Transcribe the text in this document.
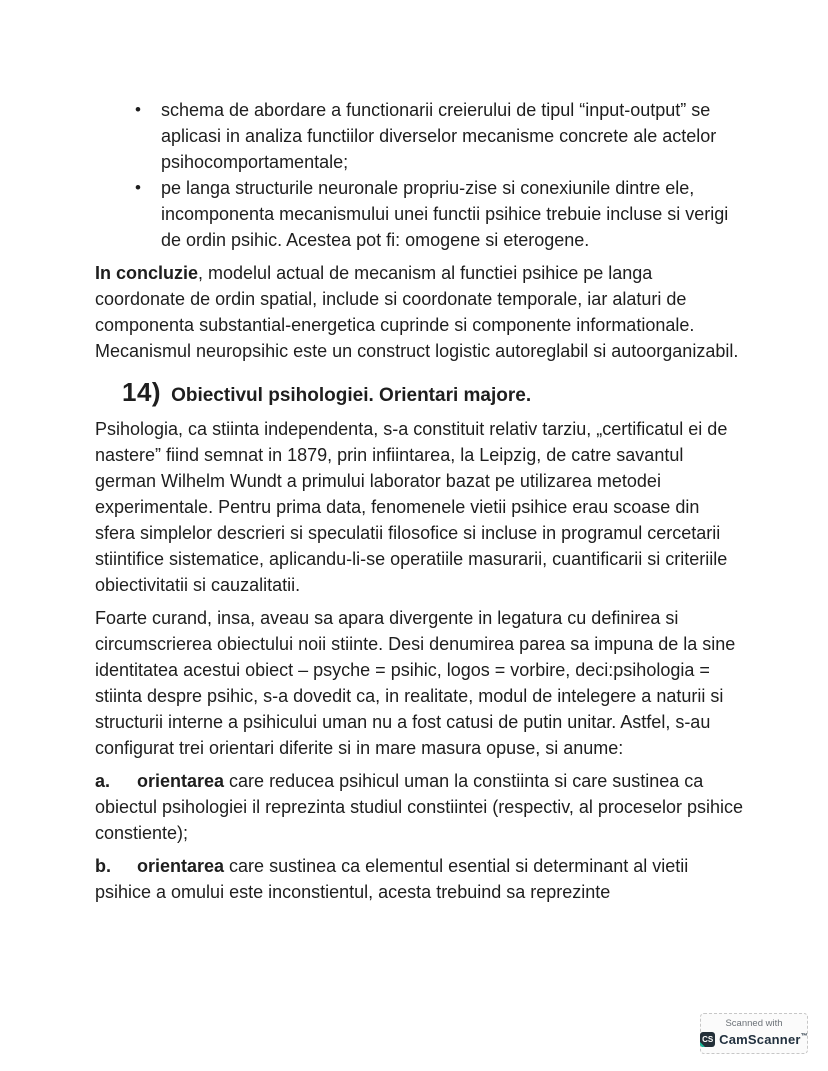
• schema de abordare a functionarii creierului de tipul “input-output” se aplicasi in analiza functiilor diverselor mecanisme concrete ale actelor psihocomportamentale;
• pe langa structurile neuronale propriu-zise si conexiunile dintre ele, incomponenta mecanismului unei functii psihice trebuie incluse si verigi de ordin psihic. Acestea pot fi: omogene si eterogene.

In concluzie, modelul actual de mecanism al functiei psihice pe langa coordonate de ordin spatial, include si coordonate temporale, iar alaturi de componenta substantial-energetica cuprinde si componente informationale. Mecanismul neuropsihic este un construct logistic autoreglabil si autoorganizabil.

14) Obiectivul psihologiei. Orientari majore.

Psihologia, ca stiinta independenta, s-a constituit relativ tarziu, „certificatul ei de nastere” fiind semnat in 1879, prin infiintarea, la Leipzig, de catre savantul german Wilhelm Wundt a primului laborator bazat pe utilizarea metodei experimentale. Pentru prima data, fenomenele vietii psihice erau scoase din sfera simplelor descrieri si speculatii filosofice si incluse in programul cercetarii stiintifice sistematice, aplicandu-li-se operatiile masurarii, cuantificarii si criteriile obiectivitatii si cauzalitatii.

Foarte curand, insa, aveau sa apara divergente in legatura cu definirea si circumscrierea obiectului noii stiinte. Desi denumirea parea sa impuna de la sine identitatea acestui obiect – psyche = psihic, logos = vorbire, deci:psihologia = stiinta despre psihic, s-a dovedit ca, in realitate, modul de intelegere a naturii si structurii interne a psihicului uman nu a fost catusi de putin unitar. Astfel, s-au configurat trei orientari diferite si in mare masura opuse, si anume:

a. orientarea care reducea psihicul uman la constiinta si care sustinea ca obiectul psihologiei il reprezinta studiul constiintei (respectiv, al proceselor psihice constiente);

b. orientarea care sustinea ca elementul esential si determinant al vietii psihice a omului este inconstientul, acesta trebuind sa reprezinte

Scanned with
CS CamScanner™
